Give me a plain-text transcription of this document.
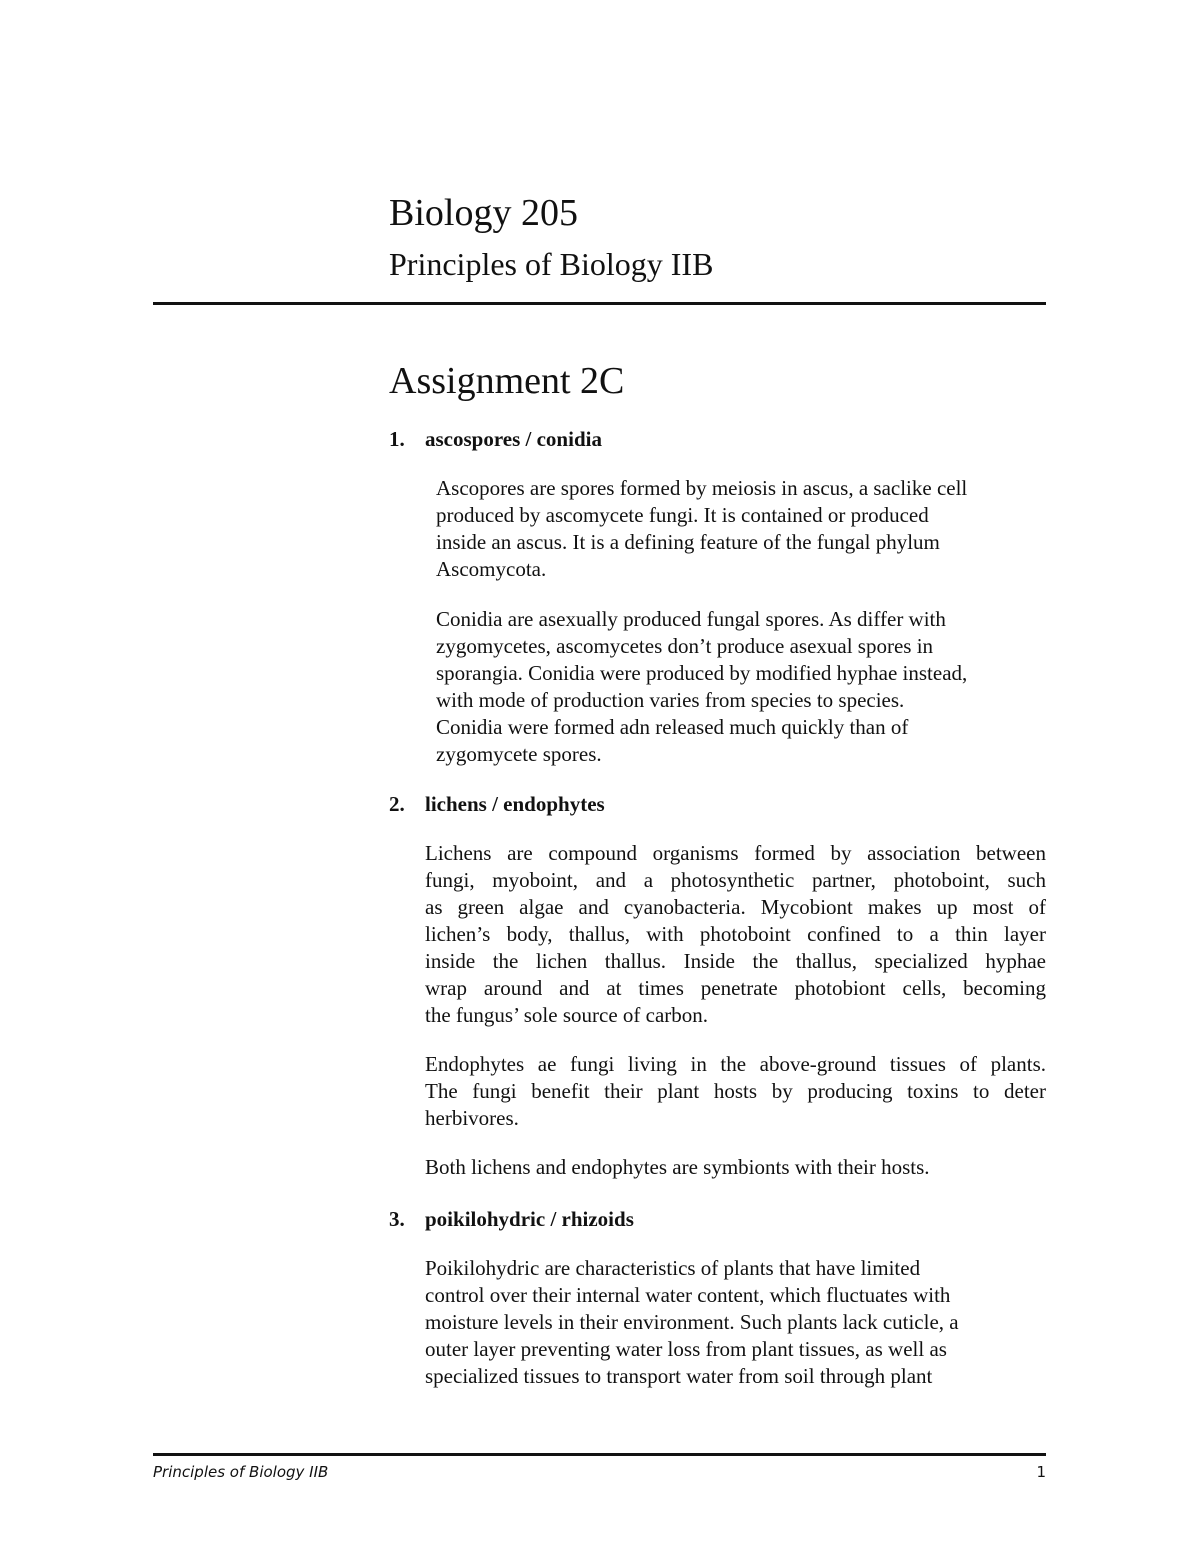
Biology 205
Principles of Biology IIB
Assignment 2C
1. ascospores / conidia
Ascopores are spores formed by meiosis in ascus, a saclike cell
produced by ascomycete fungi. It is contained or produced
inside an ascus. It is a defining feature of the fungal phylum
Ascomycota.
Conidia are asexually produced fungal spores. As differ with
zygomycetes, ascomycetes don’t produce asexual spores in
sporangia. Conidia were produced by modified hyphae instead,
with mode of production varies from species to species.
Conidia were formed adn released much quickly than of
zygomycete spores.
2. lichens / endophytes
Lichens are compound organisms formed by association between
fungi, myoboint, and a photosynthetic partner, photoboint, such
as green algae and cyanobacteria. Mycobiont makes up most of
lichen’s body, thallus, with photoboint confined to a thin layer
inside the lichen thallus. Inside the thallus, specialized hyphae
wrap around and at times penetrate photobiont cells, becoming
the fungus’ sole source of carbon.
Endophytes ae fungi living in the above-ground tissues of plants.
The fungi benefit their plant hosts by producing toxins to deter
herbivores.
Both lichens and endophytes are symbionts with their hosts.
3. poikilohydric / rhizoids
Poikilohydric are characteristics of plants that have limited
control over their internal water content, which fluctuates with
moisture levels in their environment. Such plants lack cuticle, a
outer layer preventing water loss from plant tissues, as well as
specialized tissues to transport water from soil through plant
Principles of Biology IIB	1
